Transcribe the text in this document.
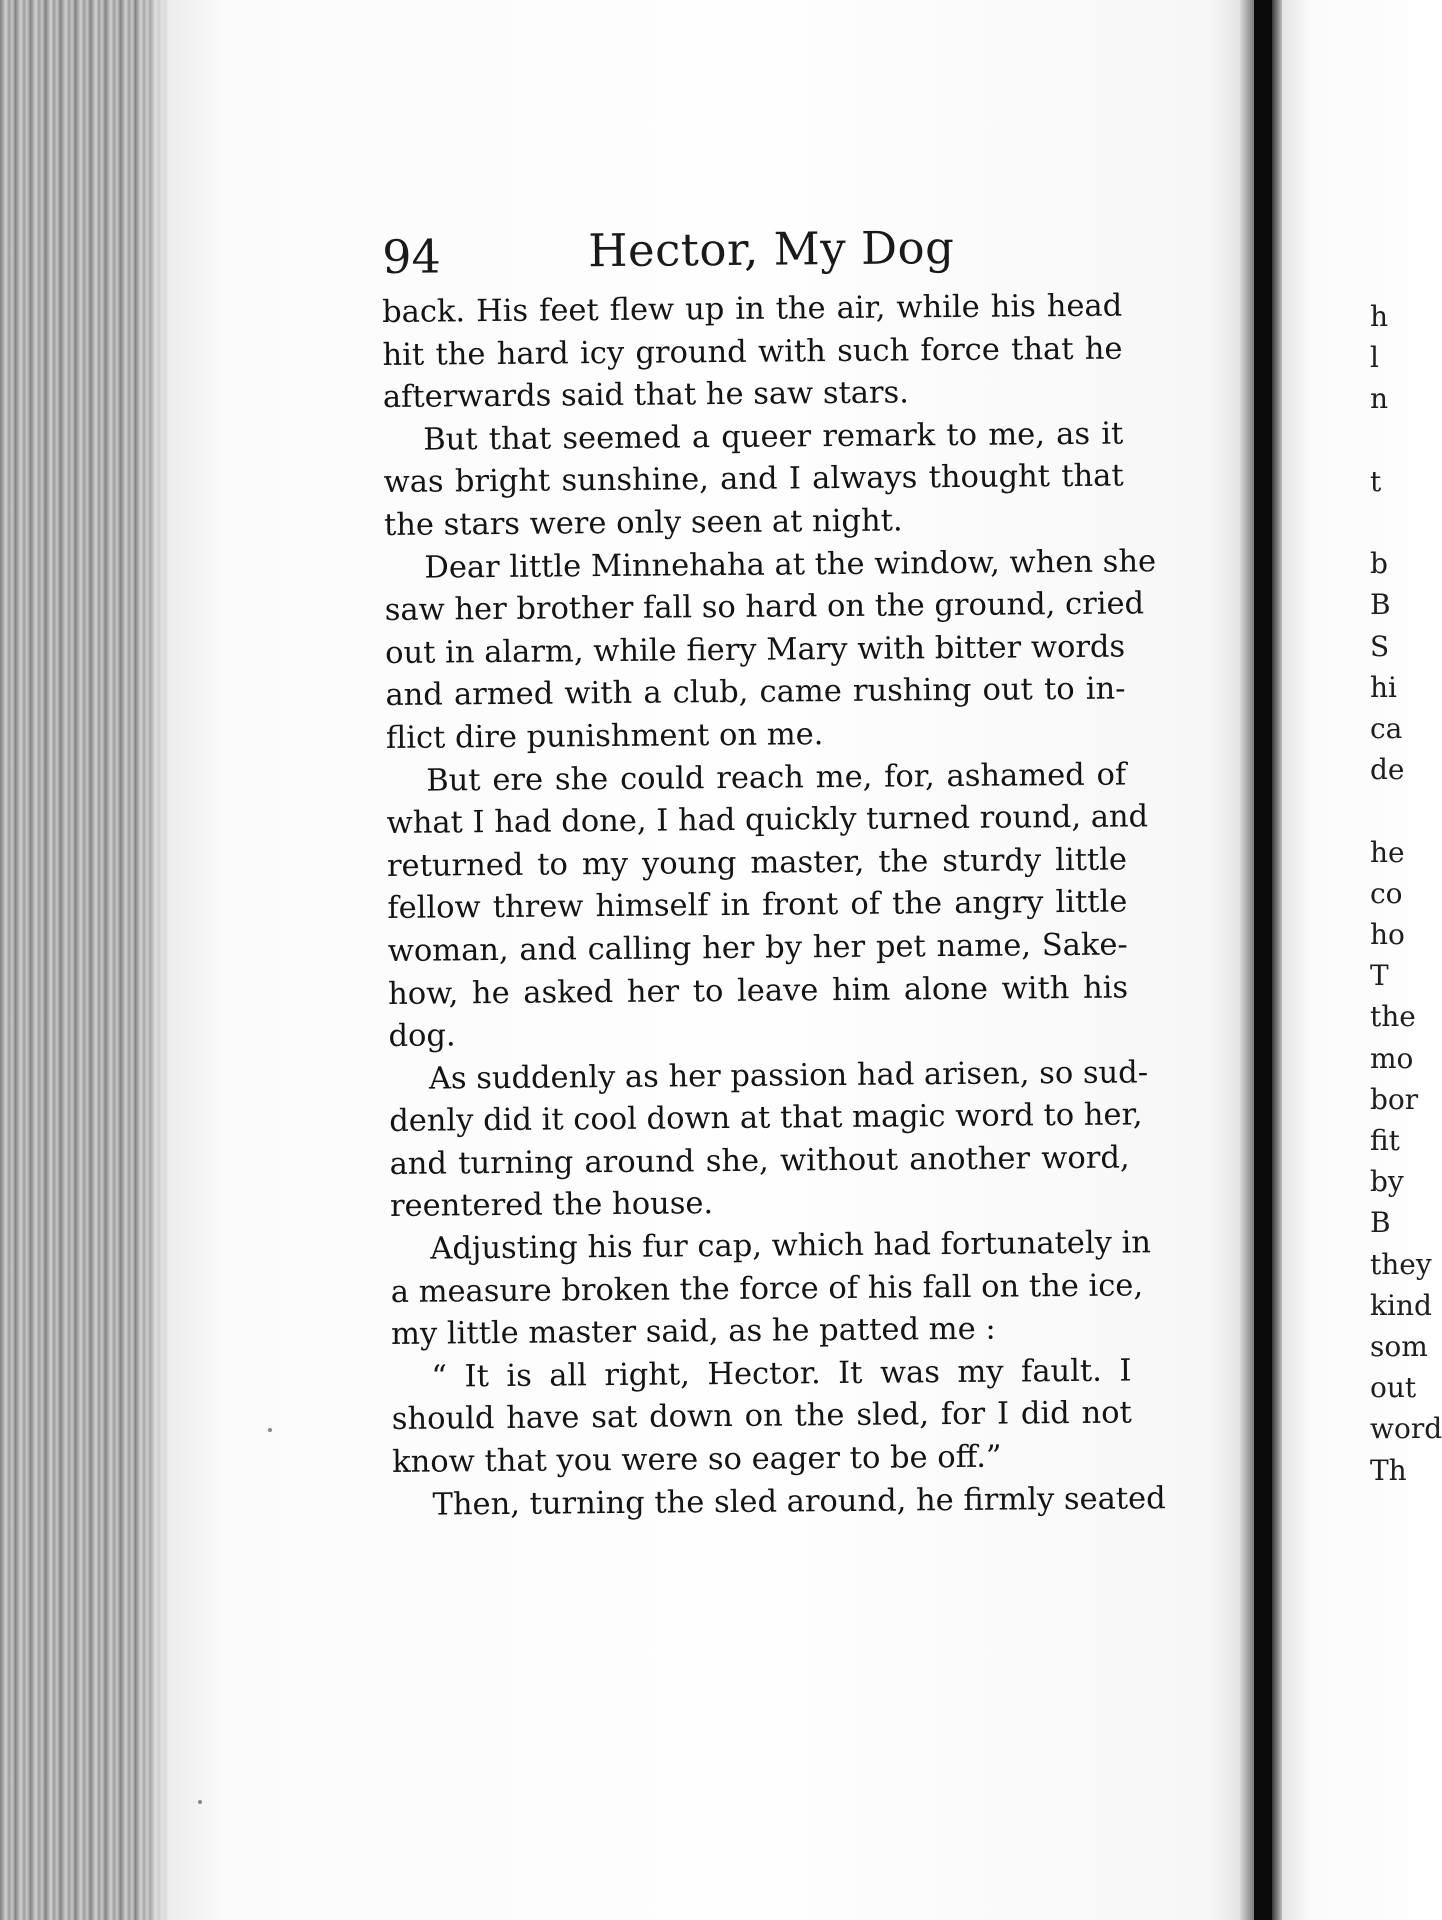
h

l

n

t

b

B

S

hi

ca

de

he

co

ho

T

the

mo

bor

fit

by

B

they

kind

som

out

word

Th

94	Hector, My Dog
back. His feet flew up in the air, while his head
hit the hard icy ground with such force that he
afterwards said that he saw stars.
But that seemed a queer remark to me, as it
was bright sunshine, and I always thought that
the stars were only seen at night.
Dear little Minnehaha at the window, when she
saw her brother fall so hard on the ground, cried
out in alarm, while fiery Mary with bitter words
and armed with a club, came rushing out to in-
flict dire punishment on me.
But ere she could reach me, for, ashamed of
what I had done, I had quickly turned round, and
returned to my young master, the sturdy little
fellow threw himself in front of the angry little
woman, and calling her by her pet name, Sake-
how, he asked her to leave him alone with his
dog.
As suddenly as her passion had arisen, so sud-
denly did it cool down at that magic word to her,
and turning around she, without another word,
reentered the house.
Adjusting his fur cap, which had fortunately in
a measure broken the force of his fall on the ice,
my little master said, as he patted me :
“ It is all right, Hector. It was my fault. I
should have sat down on the sled, for I did not
know that you were so eager to be off.”
Then, turning the sled around, he firmly seated
